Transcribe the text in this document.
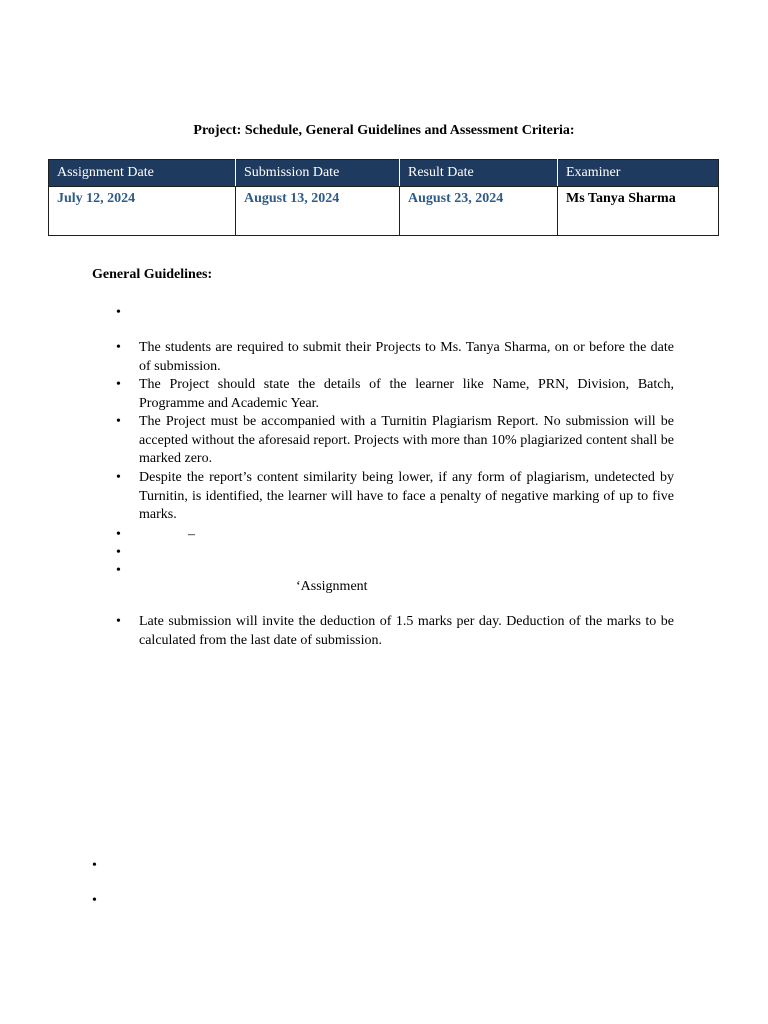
Project: Schedule, General Guidelines and Assessment Criteria:
Assignment Date	Submission Date	Result Date	Examiner
July 12, 2024	August 13, 2024	August 23, 2024	Ms Tanya Sharma
General Guidelines:
•
• The students are required to submit their Projects to Ms. Tanya Sharma, on or before the date of submission.
• The Project should state the details of the learner like Name, PRN, Division, Batch, Programme and Academic Year.
• The Project must be accompanied with a Turnitin Plagiarism Report. No submission will be accepted without the aforesaid report. Projects with more than 10% plagiarized content shall be marked zero.
• Despite the report’s content similarity being lower, if any form of plagiarism, undetected by Turnitin, is identified, the learner will have to face a penalty of negative marking of up to five marks.
•	–
•
•
‘Assignment
• Late submission will invite the deduction of 1.5 marks per day. Deduction of the marks to be calculated from the last date of submission.
•
•
